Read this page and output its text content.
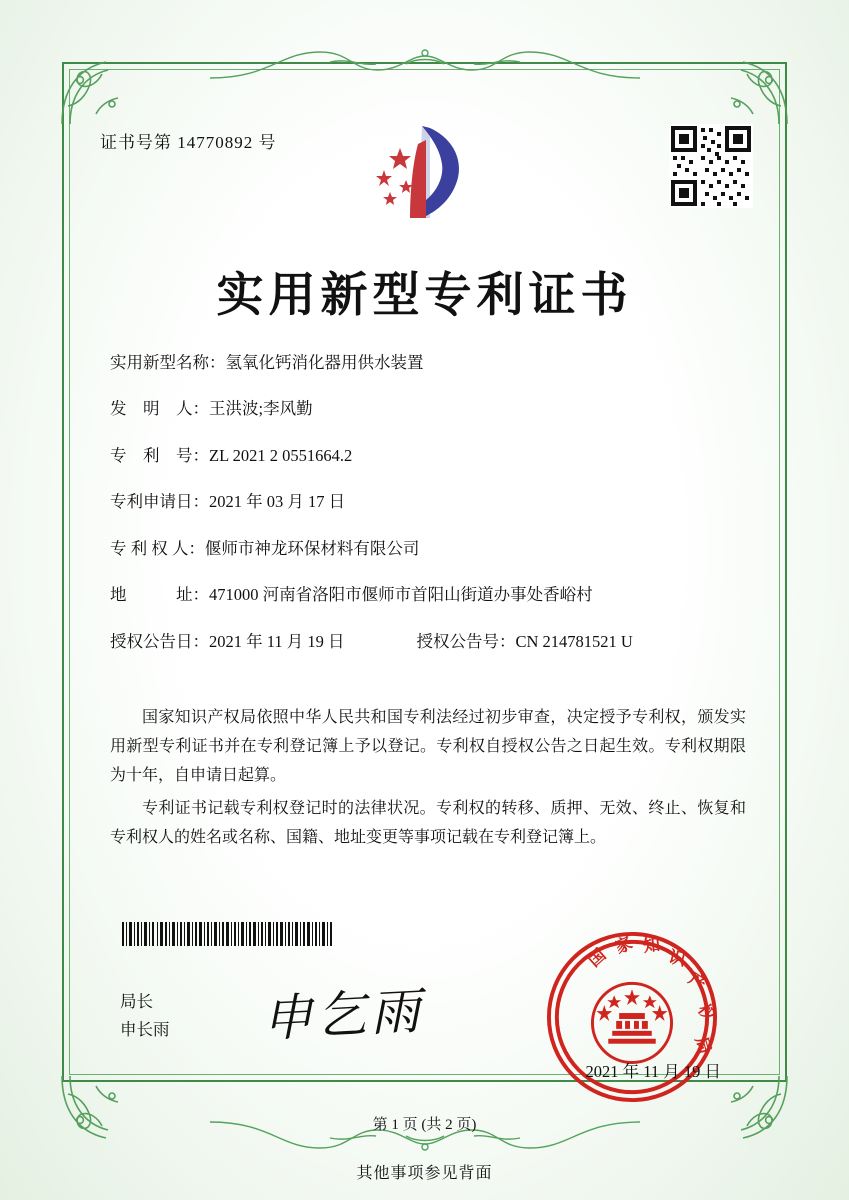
证书号第 14770892 号
实用新型专利证书
实用新型名称： 氢氧化钙消化器用供水装置
发　明　人： 王洪波;李风勤
专　利　号： ZL 2021 2 0551664.2
专利申请日： 2021 年 03 月 17 日
专 利 权 人： 偃师市神龙环保材料有限公司
地　　　址： 471000 河南省洛阳市偃师市首阳山街道办事处香峪村
授权公告日： 2021 年 11 月 19 日	授权公告号： CN 214781521 U

国家知识产权局依照中华人民共和国专利法经过初步审查，决定授予专利权，颁发实用新型专利证书并在专利登记簿上予以登记。专利权自授权公告之日起生效。专利权期限为十年，自申请日起算。

专利证书记载专利权登记时的法律状况。专利权的转移、质押、无效、终止、恢复和专利权人的姓名或名称、国籍、地址变更等事项记载在专利登记簿上。

局长
申长雨 申乞雨
国 家 知
识
产
权
局
2021 年 11 月 19 日
第 1 页 (共 2 页)
其他事项参见背面
